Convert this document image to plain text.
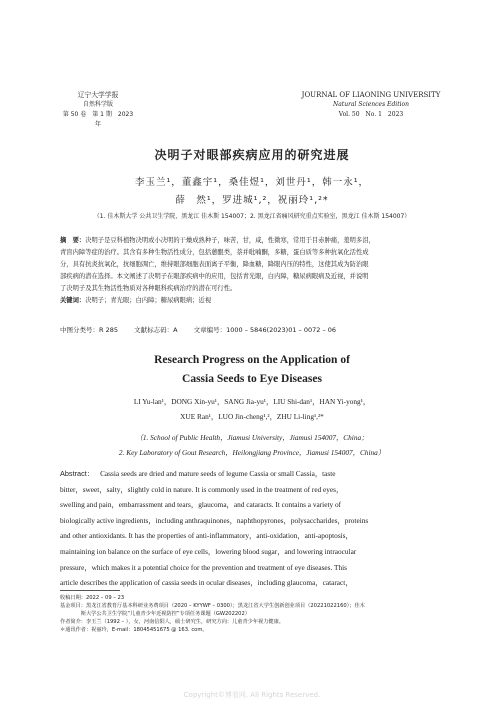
辽宁大学学报
自然科学版
第 50 卷　第 1 期　2023 年
JOURNAL OF LIAONING UNIVERSITY
Natural Sciences Edition
Vol. 50　No. 1　2023
决明子对眼部疾病应用的研究进展
李玉兰¹，董鑫宇¹，桑佳煜¹，刘世丹¹，韩一永¹，
薛　然¹，罗进城¹,²，祝丽玲¹,²*
（1. 佳木斯大学 公共卫生学院，黑龙江 佳木斯 154007；2. 黑龙江省痛风研究重点实验室，黑龙江 佳木斯 154007）
摘　要：决明子是豆科植物决明或小决明的干燥成熟种子，味苦，甘，咸，性微寒，常用于目赤肿痛，羞明多泪，
青盲内障等症的治疗。其含有多种生物活性成分，包括蒽醌类，萘并吡喃酮，多糖，蛋白质等多种抗氧化活性成
分，具有抗炎抗氧化，抗细胞凋亡，维持眼部细胞表面离子平衡，降血糖，降眼内压的特性，这使其成为防治眼
部疾病的潜在选择。本文阐述了决明子在眼部疾病中的应用，包括青光眼，白内障，糖尿病眼病及近视，并说明
了决明子及其生物活性物质对各种眼科疾病治疗的潜在可行性。
关键词：决明子；青光眼；白内障；糖尿病眼病；近视
中图分类号：R 285 文献标志码：A 文章编号：1000 – 5846(2023)01 – 0072 – 06
Research Progress on the Application of
Cassia Seeds to Eye Diseases
LI Yu-lan¹，DONG Xin-yu¹，SANG Jia-yu¹，LIU Shi-dan¹，HAN Yi-yong¹，
XUE Ran¹，LUO Jin-cheng¹,²，ZHU Li-ling¹,²*
（1. School of Public Health，Jiamusi University，Jiamusi 154007，China；
2. Key Laboratory of Gout Research，Heilongjiang Province，Jiamusi 154007，China）
Abstract： Cassia seeds are dried and mature seeds of legume Cassia or small Cassia，taste
bitter，sweet，salty，slightly cold in nature. It is commonly used in the treatment of red eyes，
swelling and pain，embarrassment and tears，glaucoma，and cataracts. It contains a variety of
biologically active ingredients，including anthraquinones，naphthopyrones，polysaccharides，proteins
and other antioxidants. It has the properties of anti-inflammatory，anti-oxidation，anti-apoptosis，
maintaining ion balance on the surface of eye cells，lowering blood sugar，and lowering intraocular
pressure，which makes it a potential choice for the prevention and treatment of eye diseases. This
article describes the application of cassia seeds in ocular diseases，including glaucoma，cataract，
收稿日期：2022 – 09 – 23
基金项目：黑龙江省教育厅基本科研业务费项目（2020 – KYYWF – 0300）；黑龙江省大学生创新创业项目（20221022160）；佳木
　　　　斯大学公共卫生学院“儿童青少年近视防控”专项任务课题（GW202202）
作者简介：李玉兰（1992 – ），女，河南信阳人，硕士研究生，研究方向：儿童青少年视力健康。
＊通讯作者：祝丽玲，E-mail：18045451675 @ 163. com。
Copyright©博看网. All Rights Reserved.
